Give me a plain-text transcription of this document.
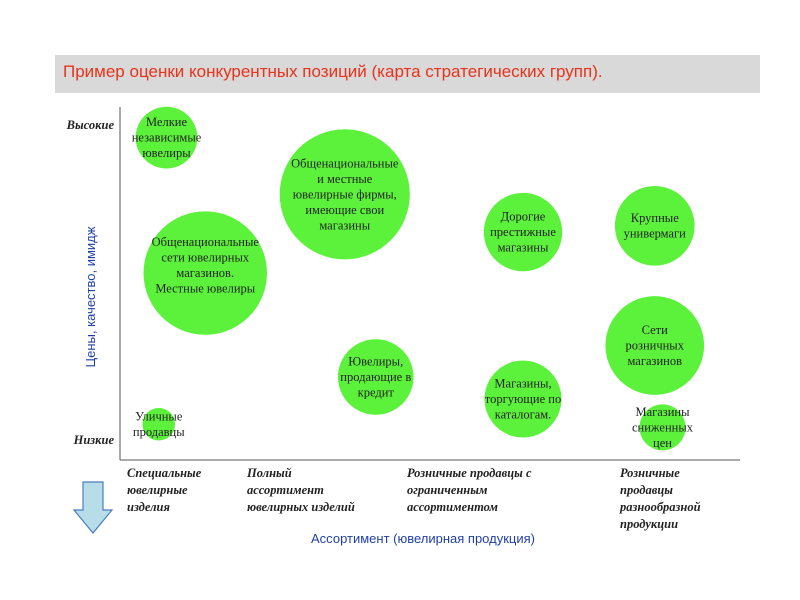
Пример оценки конкурентных позиций (карта стратегических групп).
Низкие
Высокие
Цены, качество, имидж
Специальные ювелирные изделия
Полный ассортимент ювелирных изделий
Розничные продавцы с ограниченным ассортиментом
Розничные продавцы разнообразной продукции
Ассортимент (ювелирная продукция)
Мелкие независимые ювелиры
Общенациональные сети ювелирных магазинов. Местные ювелиры
Общенациональные и местные ювелирные фирмы, имеющие свои магазины
Дорогие престижные магазины
Крупные универмаги
Ювелиры, продающие в кредит
Магазины, торгующие по каталогам.
Сети розничных магазинов
Магазины сниженных цен
Уличные продавцы
